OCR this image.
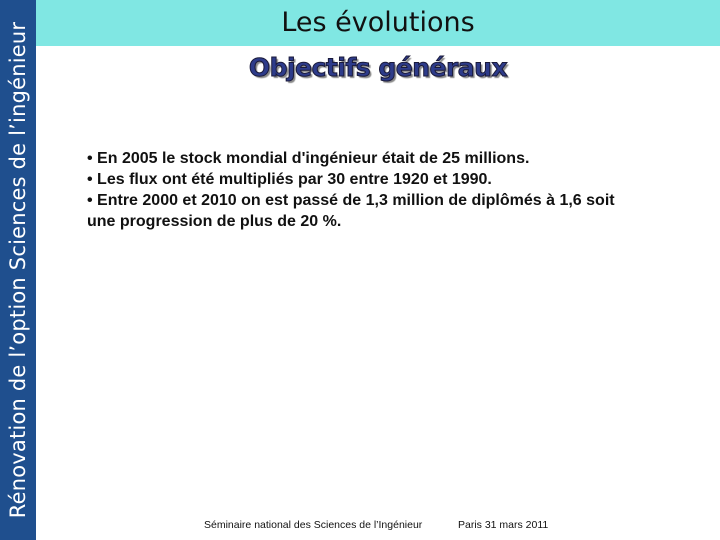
Rénovation de l’option Sciences de l’ingénieur	Les évolutions
Objectifs généraux
• En 2005 le stock mondial d'ingénieur était de 25 millions.
• Les flux ont été multipliés par 30 entre 1920 et 1990.
• Entre 2000 et 2010 on est passé de 1,3 million de diplômés à 1,6 soit une progression de plus de 20 %.
Séminaire national des Sciences de l’Ingénieur	Paris 31 mars 2011
